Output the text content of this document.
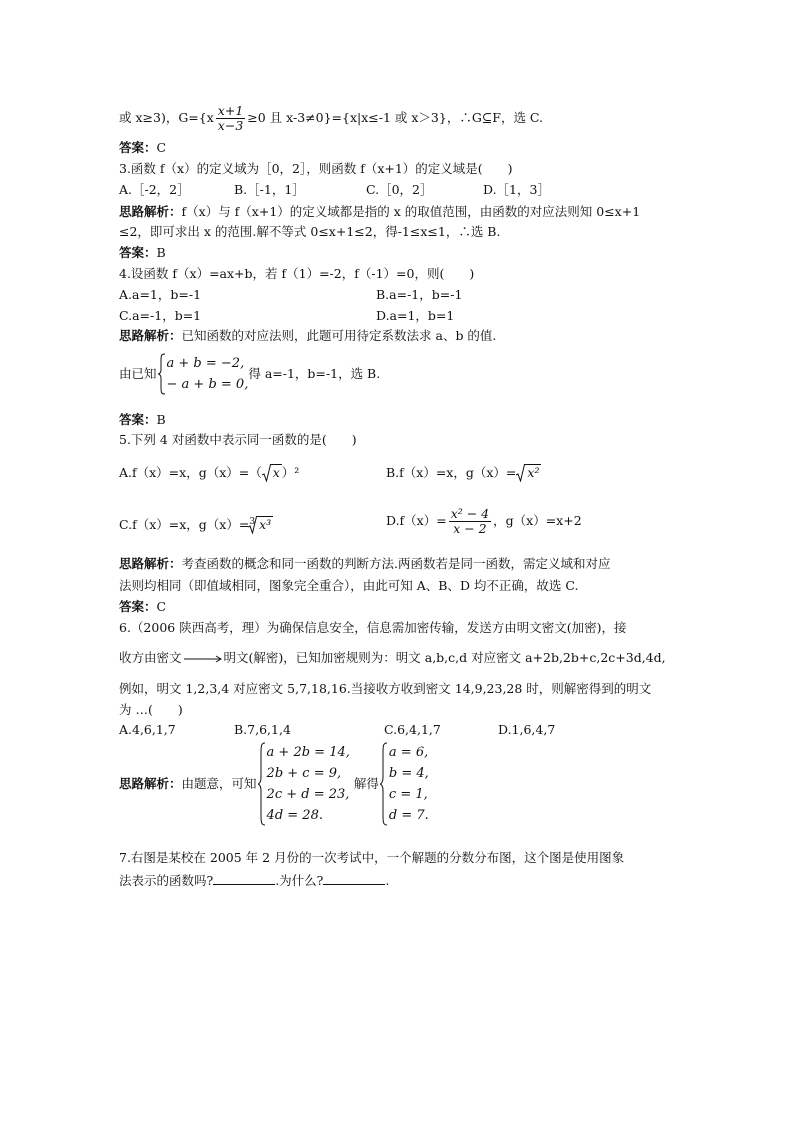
或 x≥3)，$G=\{x \frac{x+1}{x-3} \ge 0$ 且 x-3≠0}={x|x≤-1 或 x＞3}，∴G⊆F，选 C.
答案：C
3.函数 f（x）的定义域为［0，2］，则函数 f（x+1）的定义域是(　　)
A.［-2，2］	B.［-1，1］	C.［0，2］	D.［1，3］
思路解析：f（x）与 f（x+1）的定义域都是指的 x 的取值范围，由函数的对应法则知 0≤x+1
≤2，即可求出 x 的范围.解不等式 0≤x+1≤2，得-1≤x≤1，∴选 B.
答案：B
4.设函数 f（x）=ax+b，若 f（1）=-2，f（-1）=0，则(　　)
A.a=1，b=-1	B.a=-1，b=-1
C.a=-1，b=1	D.a=1，b=1
思路解析：已知函数的对应法则，此题可用待定系数法求 a、b 的值.
由已知
a + b = −2,
− a + b = 0,
得 a=-1，b=-1，选 B.
答案：B
5.下列 4 对函数中表示同一函数的是(　　)
A.f（x）=x，g（x）=（ x ）²	B.f（x）=x，g（x）= x²
C.f（x）=x，g（x）=$^3$ x³	$D.f(x)= \frac{\text{x² − 4}}{x - 2}$ ，g（x）=x+2
思路解析：考查函数的概念和同一函数的判断方法.两函数若是同一函数，需定义域和对应
法则均相同（即值域相同，图象完全重合），由此可知 A、B、D 均不正确，故选 C.
答案：C
6.（2006 陕西高考，理）为确保信息安全，信息需加密传输，发送方由明文密文(加密)，接
收方由密文	明文(解密)，已知加密规则为：明文 a,b,c,d 对应密文 a+2b,2b+c,2c+3d,4d,
例如，明文 1,2,3,4 对应密文 5,7,18,16.当接收方收到密文 14,9,23,28 时，则解密得到的明文
为 …(　　)
A.4,6,1,7	B.7,6,1,4	C.6,4,1,7	D.1,6,4,7
思路解析：由题意，可知
a + 2b = 14,
2b + c = 9,
2c + d = 23,
4d = 28.
解得
a = 6,
b = 4,
c = 1,
d = 7.
7.右图是某校在 2005 年 2 月份的一次考试中，一个解题的分数分布图，这个图是使用图象
法表示的函数吗?	.为什么?	.
